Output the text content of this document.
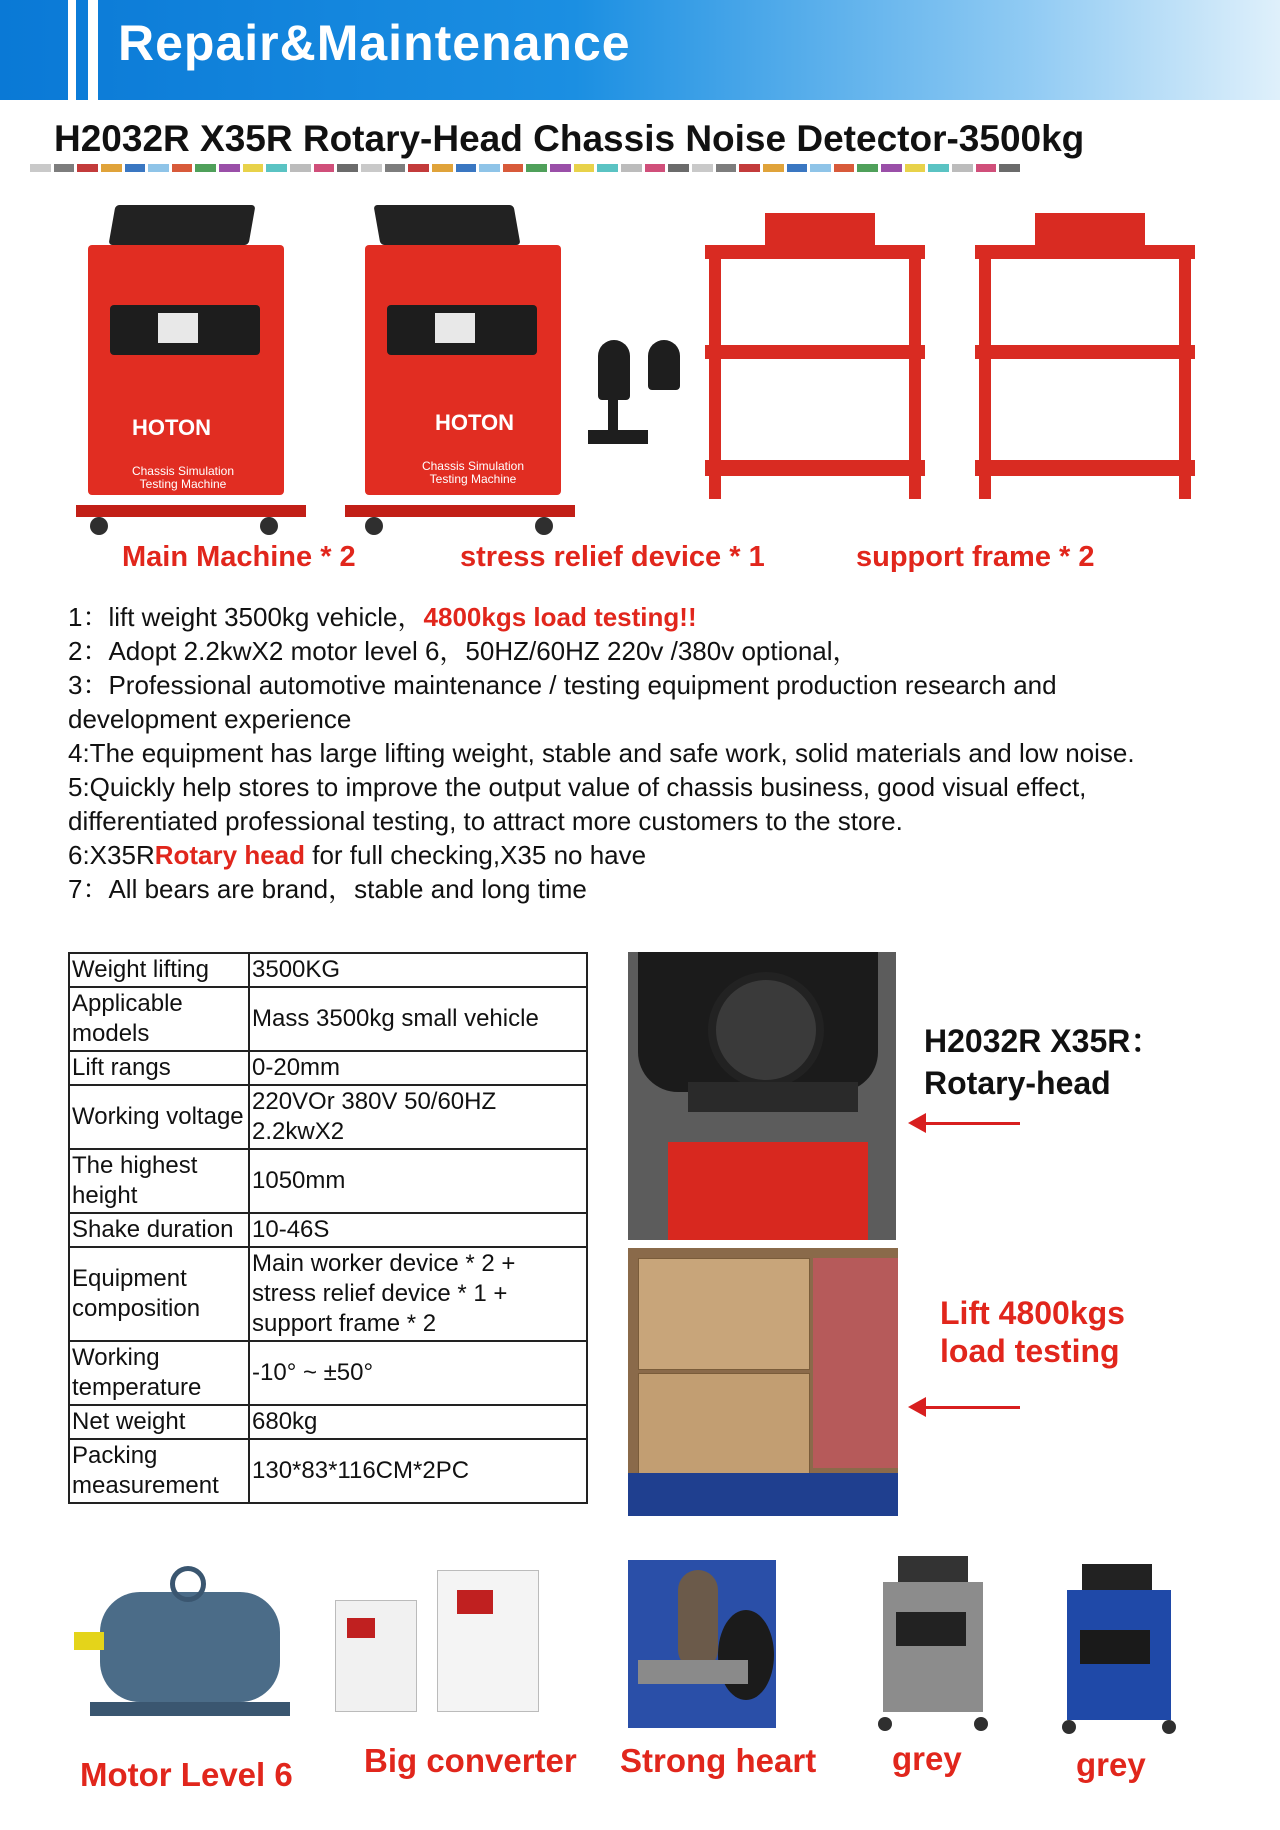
Repair&Maintenance
H2032R X35R Rotary-Head Chassis Noise Detector-3500kg
HOTON
Chassis Simulation Testing Machine
HOTON
Chassis Simulation Testing Machine
Main Machine * 2	stress relief device * 1	support frame * 2
1：lift weight 3500kg vehicle，4800kgs load testing!!
2：Adopt 2.2kwX2 motor level 6，50HZ/60HZ 220v /380v optional，
3：Professional automotive maintenance / testing equipment production research and development experience
4:The equipment has large lifting weight, stable and safe work, solid materials and low noise.
5:Quickly help stores to improve the output value of chassis business, good visual effect, differentiated professional testing, to attract more customers to the store.
6:X35RRotary head for full checking,X35 no have
7：All bears are brand，stable and long time
Weight lifting	3500KG
Applicable models	Mass 3500kg small vehicle
Lift rangs	0-20mm
Working voltage	220VOr 380V 50/60HZ 2.2kwX2
The highest height	1050mm
Shake duration	10-46S
Equipment composition	Main worker device * 2 + stress relief device * 1 + support frame * 2
Working temperature	-10° ~ ±50°
Net weight	680kg
Packing measurement	130*83*116CM*2PC
H2032R X35R：
Rotary-head
Lift 4800kgs
load testing
Motor Level 6 Big converter Strong heart grey	grey
